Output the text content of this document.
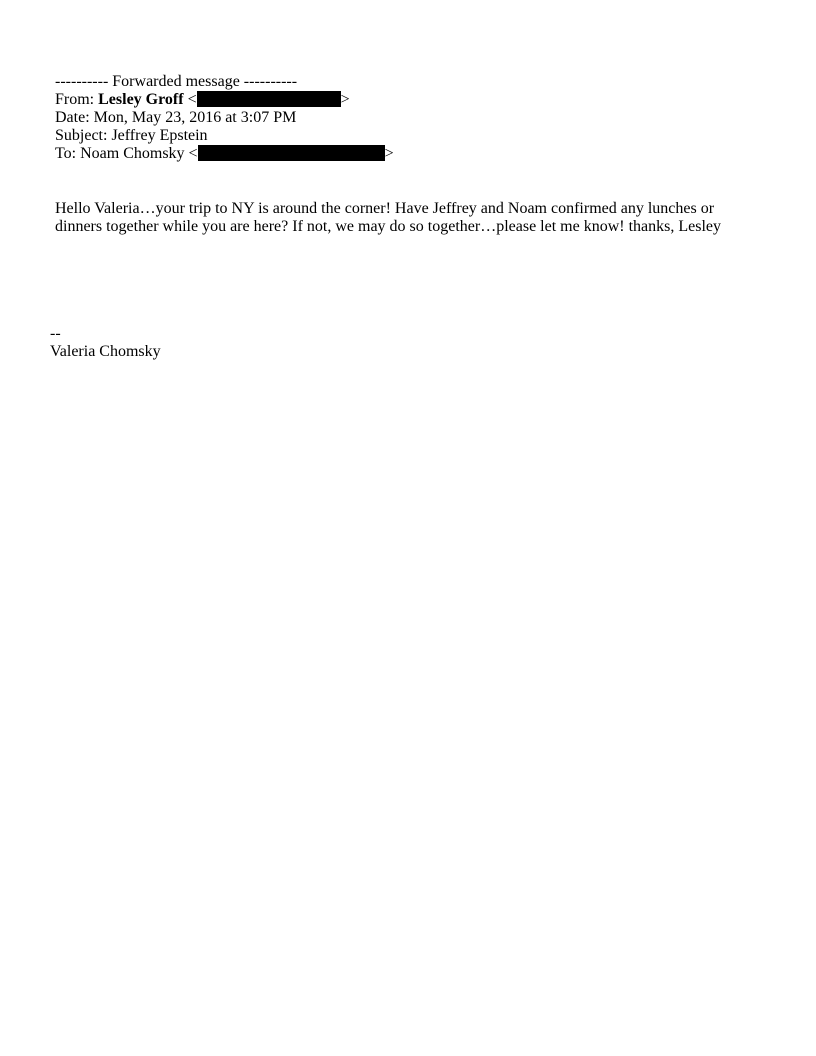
---------- Forwarded message ----------
From: Lesley Groff <	>
Date: Mon, May 23, 2016 at 3:07 PM
Subject: Jeffrey Epstein
To: Noam Chomsky <	>
Hello Valeria…your trip to NY is around the corner! Have Jeffrey and Noam confirmed any lunches or
dinners together while you are here? If not, we may do so together…please let me know! thanks, Lesley
--
Valeria Chomsky
